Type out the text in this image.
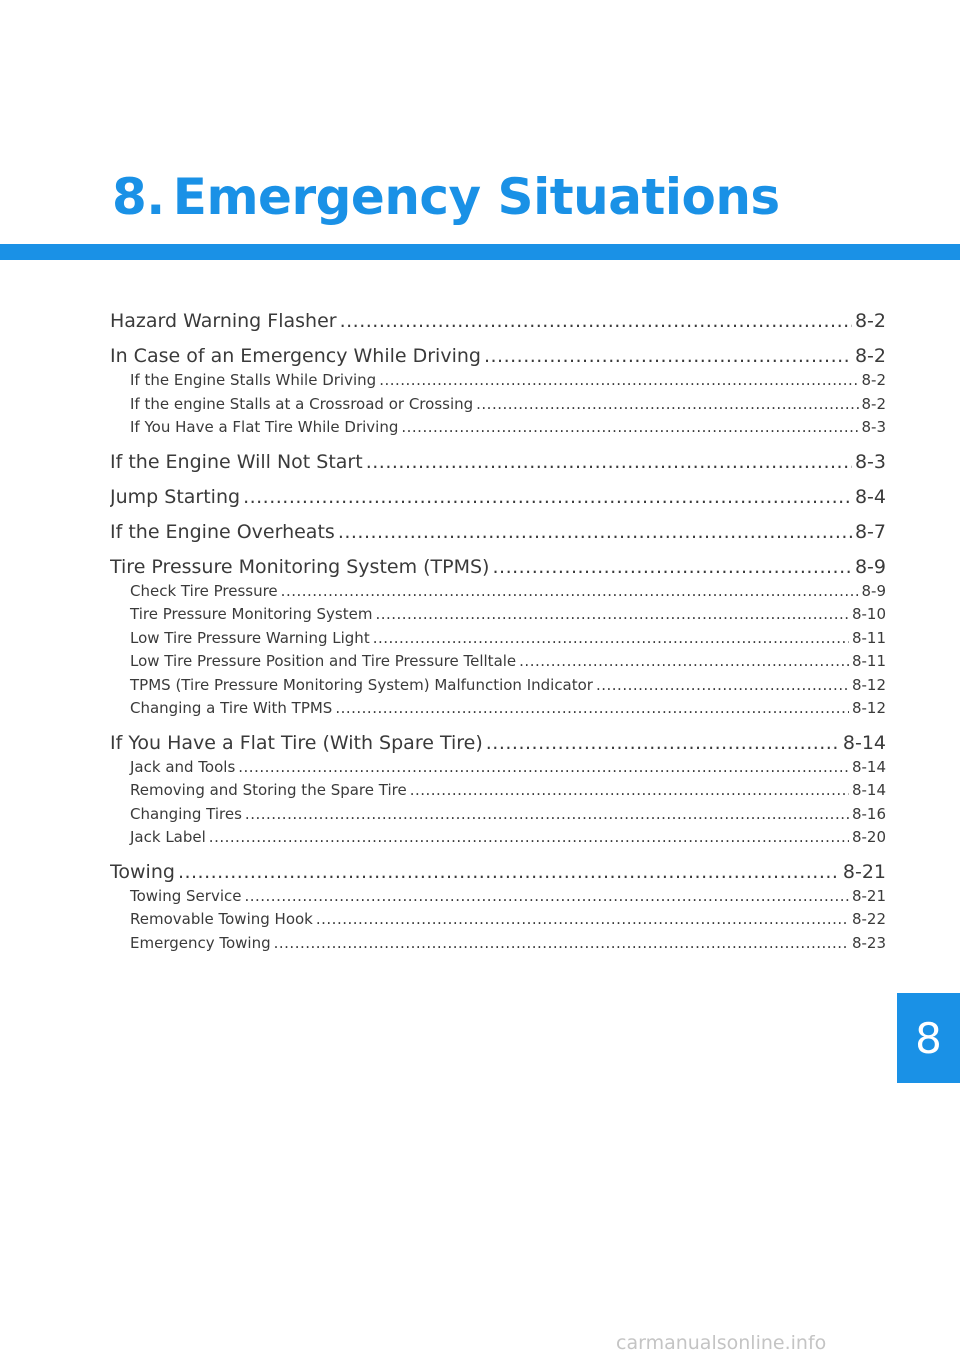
8. Emergency Situations
Hazard Warning Flasher .....	8-2
In Case of an Emergency While Driving .....	8-2
If the Engine Stalls While Driving .....	8-2
If the engine Stalls at a Crossroad or Crossing .....	8-2
If You Have a Flat Tire While Driving .....	8-3
If the Engine Will Not Start .....	8-3
Jump Starting .....	8-4
If the Engine Overheats .....	8-7
Tire Pressure Monitoring System (TPMS) .....	8-9
Check Tire Pressure .....	8-9
Tire Pressure Monitoring System .....	8-10
Low Tire Pressure Warning Light .....	8-11
Low Tire Pressure Position and Tire Pressure Telltale .....	8-11
TPMS (Tire Pressure Monitoring System) Malfunction Indicator .....	8-12
Changing a Tire With TPMS .....	8-12
If You Have a Flat Tire (With Spare Tire) .....	8-14
Jack and Tools .....	8-14
Removing and Storing the Spare Tire .....	8-14
Changing Tires .....	8-16
Jack Label .....	8-20
Towing .....	8-21
Towing Service .....	8-21
Removable Towing Hook .....	8-22
Emergency Towing .....	8-23
8
carmanualsonline.info
